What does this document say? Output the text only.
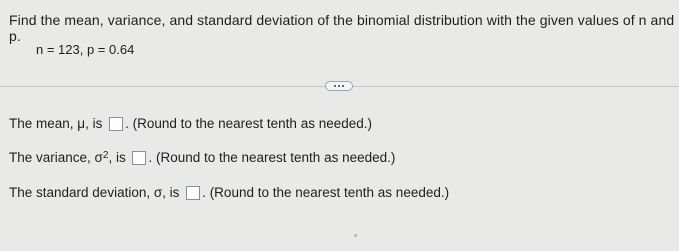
Find the mean, variance, and standard deviation of the binomial distribution with the given values of n and p.
n = 123, p = 0.64
The mean, μ, is . (Round to the nearest tenth as needed.)
The variance, $\sigma^2$ , is . (Round to the nearest tenth as needed.)
The standard deviation, σ, is . (Round to the nearest tenth as needed.)
